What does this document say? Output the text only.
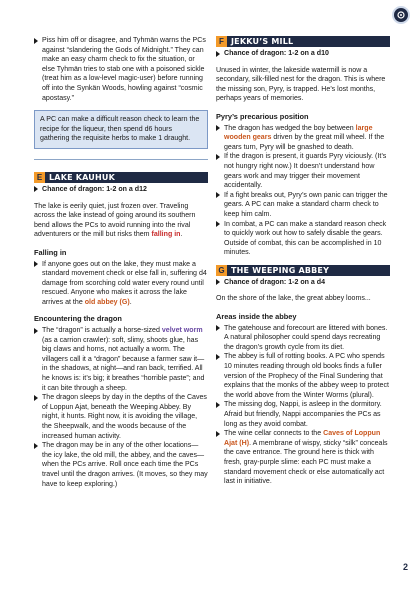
Piss him off or disagree, and Tyhmän warns the PCs against “slandering the Gods of Midnight.” They can make an easy charm check to fix the situation, or else Tyhmän tries to stab one with a poisoned sickle (treat him as a low-level magic-user) before running off into the Synkän Woods, howling against “cosmic apostasy.”
A PC can make a difficult reason check to learn the recipe for the liqueur, then spend d6 hours gathering the requisite herbs to make 1 draught.
E LAKE KAUHUK
Chance of dragon: 1-2 on a d12

The lake is eerily quiet, just frozen over. Traveling across the lake instead of going around its southern bend allows the PCs to avoid running into the rival adventurers or the mill but risks them falling in.

Falling in
If anyone goes out on the lake, they must make a standard movement check or else fall in, suffering d4 damage from scorching cold water every round until rescued. Anyone who makes it across the lake arrives at the old abbey (G).
Encountering the dragon
The “dragon” is actually a horse-sized velvet worm (as a carrion crawler): soft, slimy, shoots glue, has big claws and horns, not actually a worm. The villagers call it a “dragon” because a farmer saw it—in the shadows, at night—and ran back, terrified. All he knows is: it’s big; it breathes “horrible paste”; and it can bite through a sheep.
The dragon sleeps by day in the depths of the Caves of Loppun Ajat, beneath the Weeping Abbey. By night, it hunts. Right now, it is avoiding the village, the Sheepwalk, and the woods because of the increased human activity.
The dragon may be in any of the other locations—the icy lake, the old mill, the abbey, and the caves—when the PCs arrive. Roll once each time the PCs travel until the dragon arrives. (It moves, so they may have to keep exploring.)
F JEKKU’S MILL
Chance of dragon: 1-2 on a d10

Unused in winter, the lakeside watermill is now a secondary, silk-filled nest for the dragon. This is where the missing son, Pyry, is trapped. He’s lost months, perhaps years of memories.

Pyry’s precarious position
The dragon has wedged the boy between large wooden gears driven by the great mill wheel. If the gears turn, Pyry will be gnashed to death.
If the dragon is present, it guards Pyry viciously. (It’s not hungry right now.) It doesn’t understand how gears work and may trigger their movement accidentally.
If a fight breaks out, Pyry’s own panic can trigger the gears. A PC can make a standard charm check to keep him calm.
In combat, a PC can make a standard reason check to quickly work out how to safely disable the gears. Outside of combat, this can be accomplished in 10 minutes.
G THE WEEPING ABBEY
Chance of dragon: 1-2 on a d4

On the shore of the lake, the great abbey looms...

Areas inside the abbey
The gatehouse and forecourt are littered with bones. A natural philosopher could spend days recreating the dragon’s growth cycle from its diet.
The abbey is full of rotting books. A PC who spends 10 minutes reading through old books finds a fuller version of the Prophecy of the Final Sundering that explains that the monks of the abbey weep to protect the world above from the Winter Worms (plural).
The missing dog, Nappi, is asleep in the dormitory. Afraid but friendly, Nappi accompanies the PCs as long as they avoid combat.
The wine cellar connects to the Caves of Loppun Ajat (H). A membrane of wispy, sticky “silk” conceals the cave entrance. The ground here is thick with fresh, gray-purple slime: each PC must make a standard movement check or else automatically act last in initiative.
2
